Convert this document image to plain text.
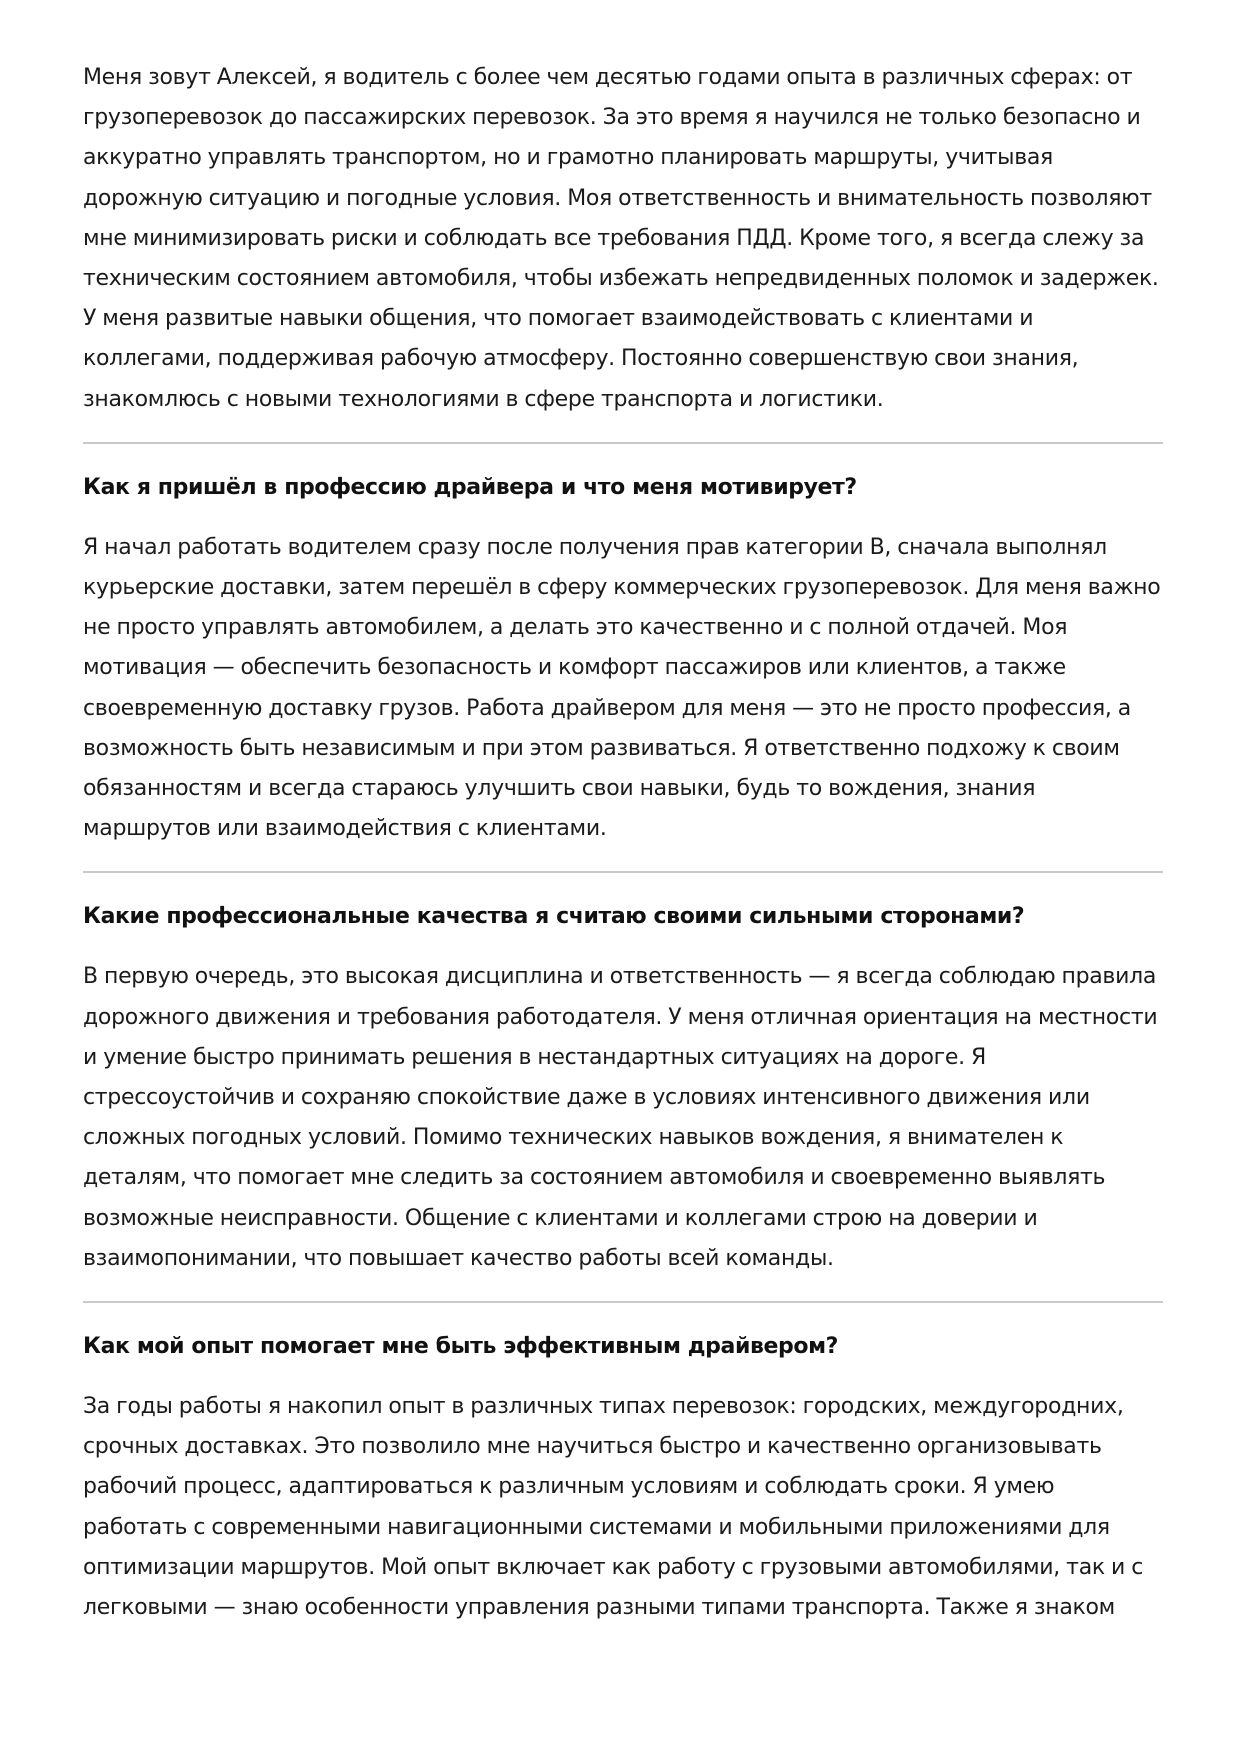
Меня зовут Алексей, я водитель с более чем десятью годами опыта в различных сферах: от грузоперевозок до пассажирских перевозок. За это время я научился не только безопасно и аккуратно управлять транспортом, но и грамотно планировать маршруты, учитывая дорожную ситуацию и погодные условия. Моя ответственность и внимательность позволяют мне минимизировать риски и соблюдать все требования ПДД. Кроме того, я всегда слежу за техническим состоянием автомобиля, чтобы избежать непредвиденных поломок и задержек. У меня развитые навыки общения, что помогает взаимодействовать с клиентами и коллегами, поддерживая рабочую атмосферу. Постоянно совершенствую свои знания, знакомлюсь с новыми технологиями в сфере транспорта и логистики.

Как я пришёл в профессию драйвера и что меня мотивирует?

Я начал работать водителем сразу после получения прав категории B, сначала выполнял курьерские доставки, затем перешёл в сферу коммерческих грузоперевозок. Для меня важно не просто управлять автомобилем, а делать это качественно и с полной отдачей. Моя мотивация — обеспечить безопасность и комфорт пассажиров или клиентов, а также своевременную доставку грузов. Работа драйвером для меня — это не просто профессия, а возможность быть независимым и при этом развиваться. Я ответственно подхожу к своим обязанностям и всегда стараюсь улучшить свои навыки, будь то вождения, знания маршрутов или взаимодействия с клиентами.

Какие профессиональные качества я считаю своими сильными сторонами?

В первую очередь, это высокая дисциплина и ответственность — я всегда соблюдаю правила дорожного движения и требования работодателя. У меня отличная ориентация на местности и умение быстро принимать решения в нестандартных ситуациях на дороге. Я стрессоустойчив и сохраняю спокойствие даже в условиях интенсивного движения или сложных погодных условий. Помимо технических навыков вождения, я внимателен к деталям, что помогает мне следить за состоянием автомобиля и своевременно выявлять возможные неисправности. Общение с клиентами и коллегами строю на доверии и взаимопонимании, что повышает качество работы всей команды.

Как мой опыт помогает мне быть эффективным драйвером?

За годы работы я накопил опыт в различных типах перевозок: городских, междугородних, срочных доставках. Это позволило мне научиться быстро и качественно организовывать рабочий процесс, адаптироваться к различным условиям и соблюдать сроки. Я умею работать с современными навигационными системами и мобильными приложениями для оптимизации маршрутов. Мой опыт включает как работу с грузовыми автомобилями, так и с легковыми — знаю особенности управления разными типами транспорта. Также я знаком
